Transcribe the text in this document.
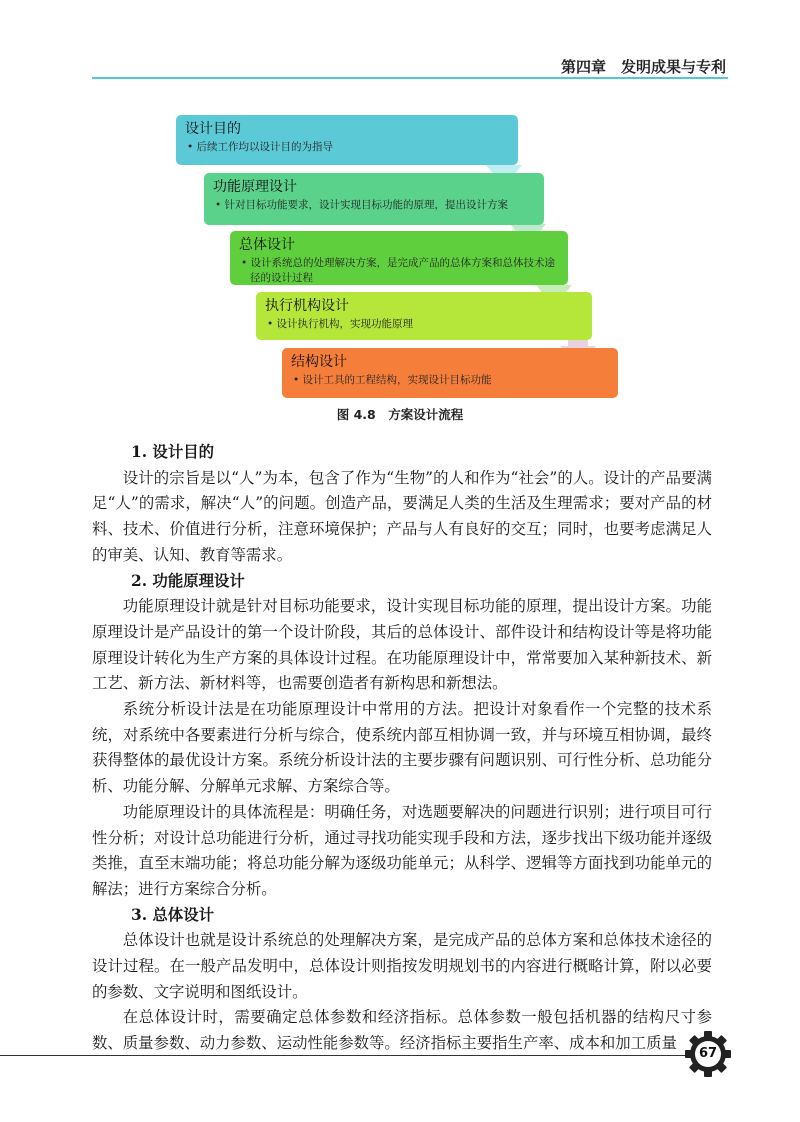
第四章　发明成果与专利
设计目的
• 后续工作均以设计目的为指导
功能原理设计
• 针对目标功能要求，设计实现目标功能的原理，提出设计方案
总体设计
• 设计系统总的处理解决方案，是完成产品的总体方案和总体技术途径的设计过程
执行机构设计
• 设计执行机构，实现功能原理
结构设计
• 设计工具的工程结构，实现设计目标功能
图 4.8　方案设计流程
1. 设计目的

设计的宗旨是以“人”为本，包含了作为“生物”的人和作为“社会”的人。设计的产品要满足“人”的需求，解决“人”的问题。创造产品，要满足人类的生活及生理需求；要对产品的材料、技术、价值进行分析，注意环境保护；产品与人有良好的交互；同时，也要考虑满足人的审美、认知、教育等需求。

2. 功能原理设计

功能原理设计就是针对目标功能要求，设计实现目标功能的原理，提出设计方案。功能原理设计是产品设计的第一个设计阶段，其后的总体设计、部件设计和结构设计等是将功能原理设计转化为生产方案的具体设计过程。在功能原理设计中，常常要加入某种新技术、新工艺、新方法、新材料等，也需要创造者有新构思和新想法。

系统分析设计法是在功能原理设计中常用的方法。把设计对象看作一个完整的技术系统，对系统中各要素进行分析与综合，使系统内部互相协调一致，并与环境互相协调，最终获得整体的最优设计方案。系统分析设计法的主要步骤有问题识别、可行性分析、总功能分析、功能分解、分解单元求解、方案综合等。

功能原理设计的具体流程是：明确任务，对选题要解决的问题进行识别；进行项目可行性分析；对设计总功能进行分析，通过寻找功能实现手段和方法，逐步找出下级功能并逐级类推，直至末端功能；将总功能分解为逐级功能单元；从科学、逻辑等方面找到功能单元的解法；进行方案综合分析。

3. 总体设计

总体设计也就是设计系统总的处理解决方案，是完成产品的总体方案和总体技术途径的设计过程。在一般产品发明中，总体设计则指按发明规划书的内容进行概略计算，附以必要的参数、文字说明和图纸设计。

在总体设计时，需要确定总体参数和经济指标。总体参数一般包括机器的结构尺寸参数、质量参数、动力参数、运动性能参数等。经济指标主要指生产率、成本和加工质量

67
